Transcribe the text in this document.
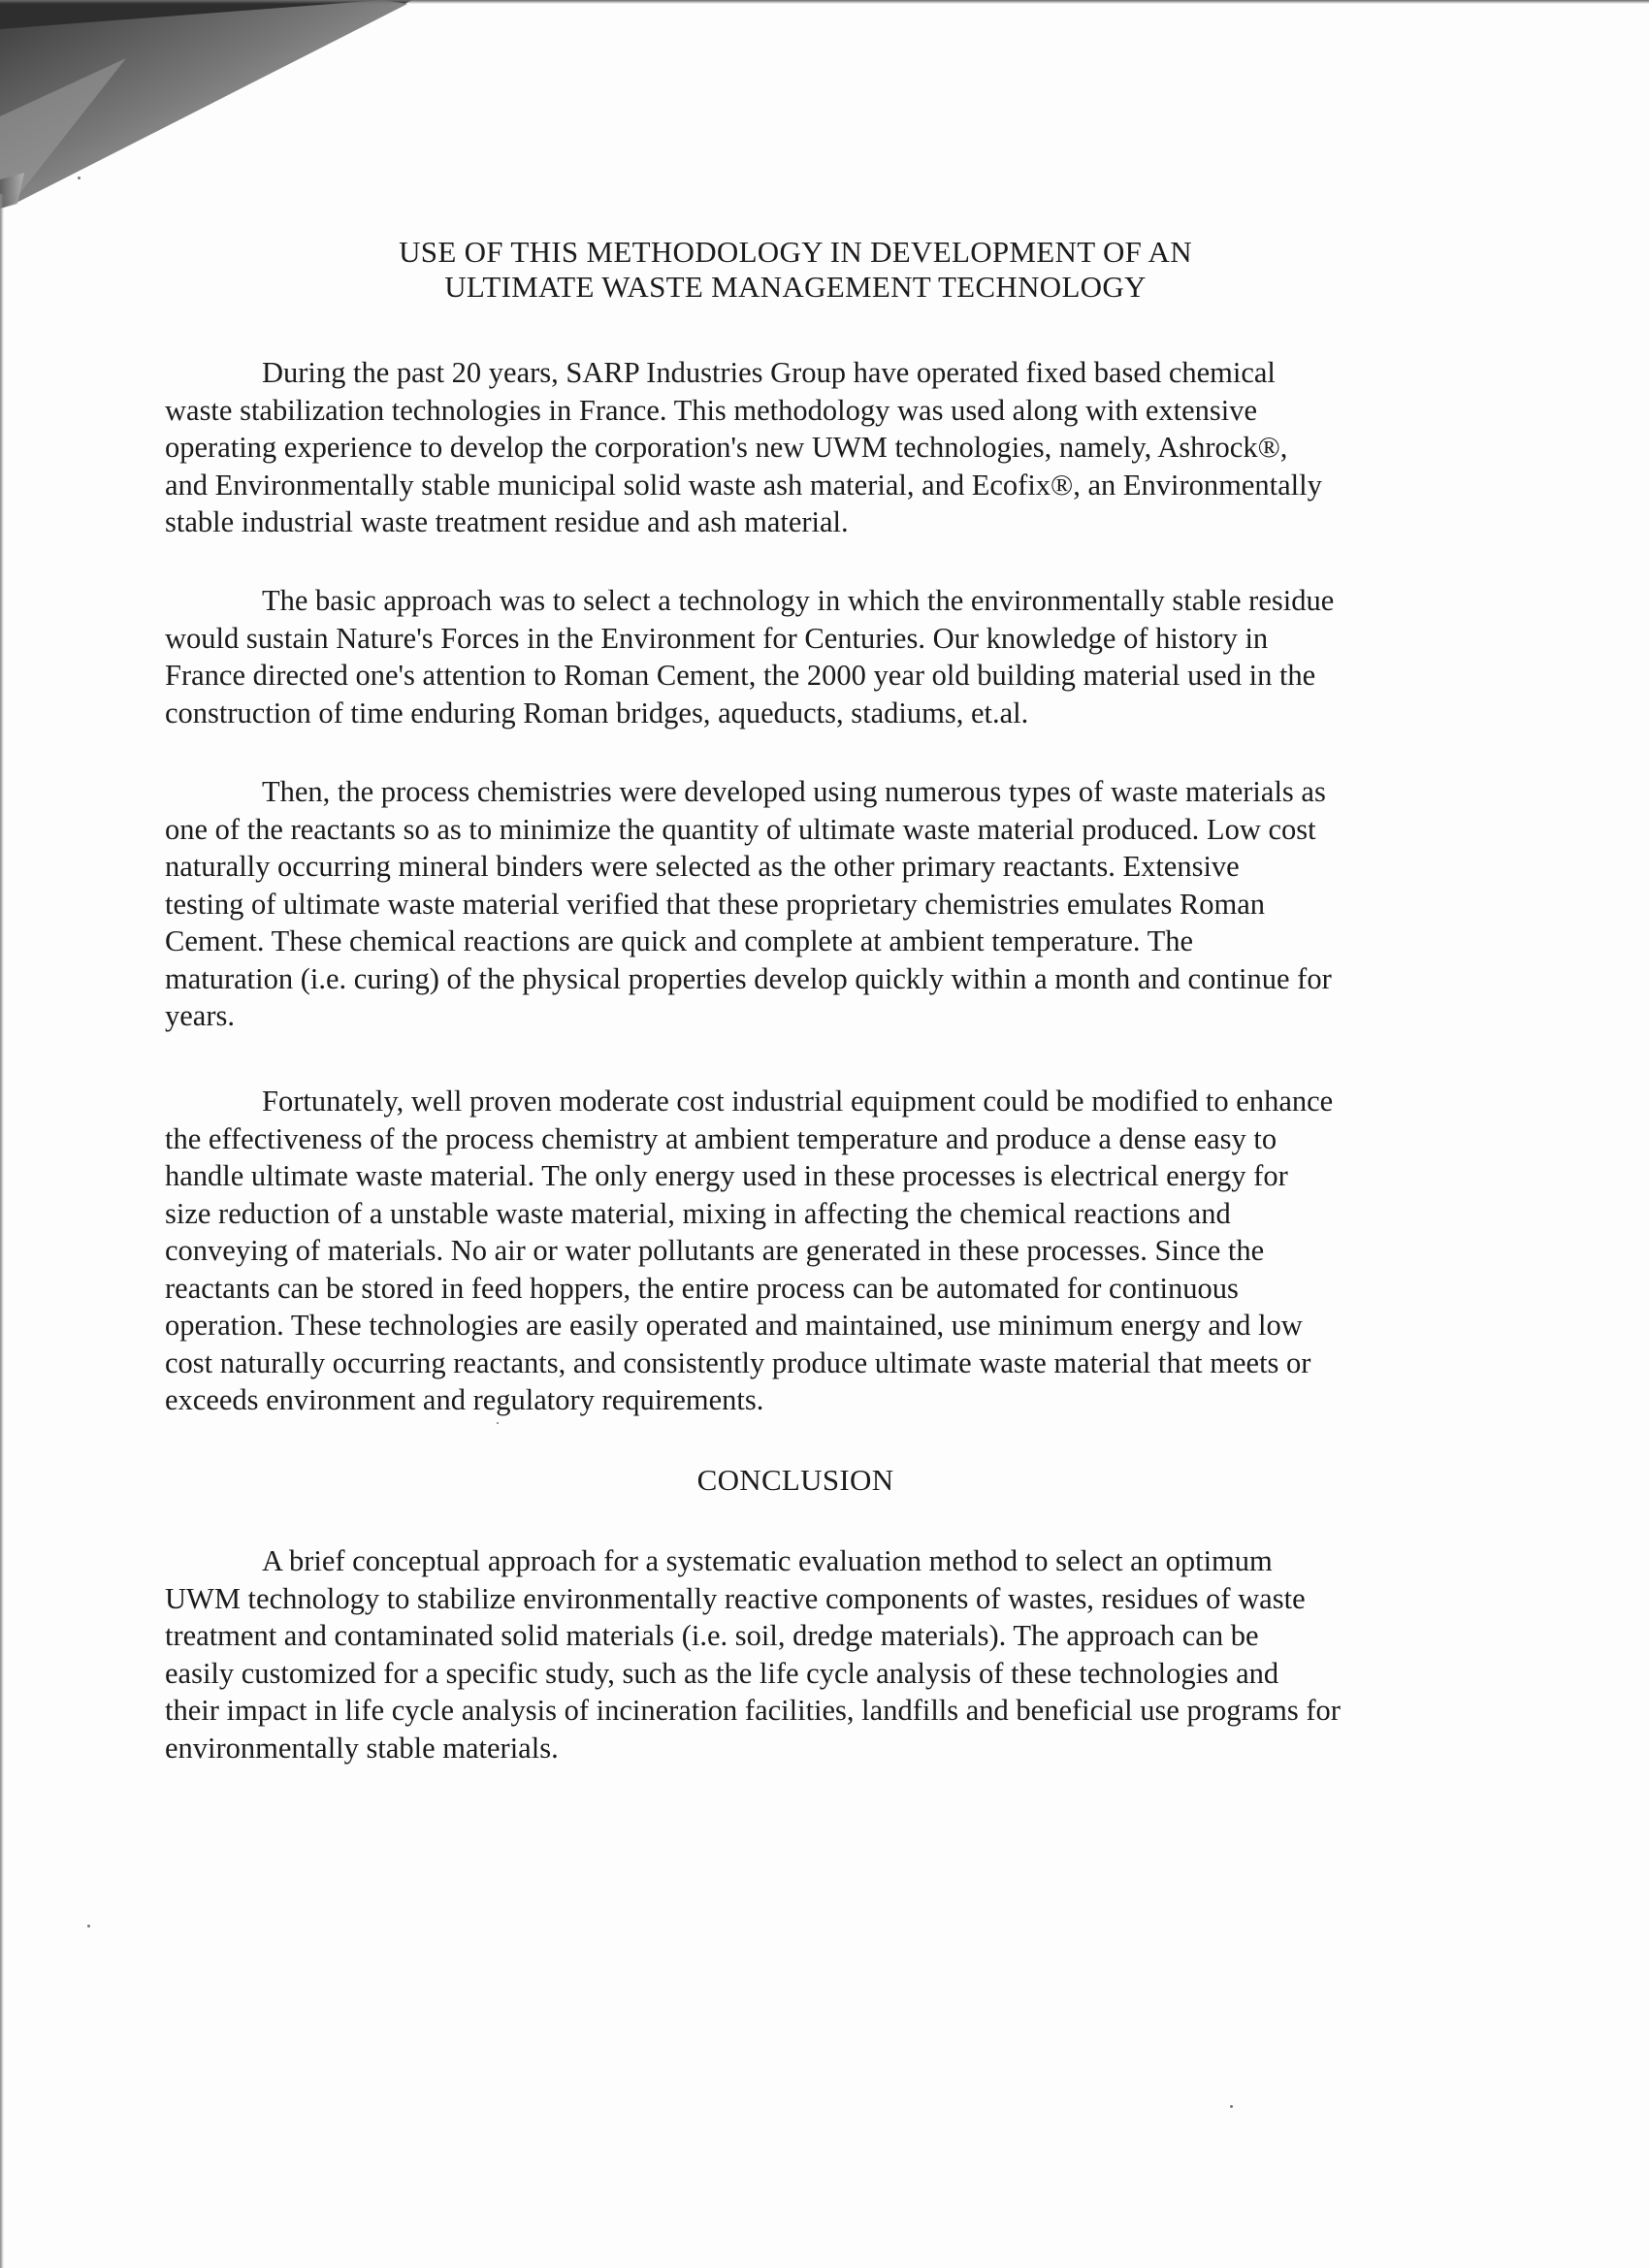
USE OF THIS METHODOLOGY IN DEVELOPMENT OF AN
ULTIMATE WASTE MANAGEMENT TECHNOLOGY
During the past 20 years, SARP Industries Group have operated fixed based chemical
waste stabilization technologies in France. This methodology was used along with extensive
operating experience to develop the corporation's new UWM technologies, namely, Ashrock®,
and Environmentally stable municipal solid waste ash material, and Ecofix®, an Environmentally
stable industrial waste treatment residue and ash material.
The basic approach was to select a technology in which the environmentally stable residue
would sustain Nature's Forces in the Environment for Centuries. Our knowledge of history in
France directed one's attention to Roman Cement, the 2000 year old building material used in the
construction of time enduring Roman bridges, aqueducts, stadiums, et.al.
Then, the process chemistries were developed using numerous types of waste materials as
one of the reactants so as to minimize the quantity of ultimate waste material produced. Low cost
naturally occurring mineral binders were selected as the other primary reactants. Extensive
testing of ultimate waste material verified that these proprietary chemistries emulates Roman
Cement. These chemical reactions are quick and complete at ambient temperature. The
maturation (i.e. curing) of the physical properties develop quickly within a month and continue for
years.
Fortunately, well proven moderate cost industrial equipment could be modified to enhance
the effectiveness of the process chemistry at ambient temperature and produce a dense easy to
handle ultimate waste material. The only energy used in these processes is electrical energy for
size reduction of a unstable waste material, mixing in affecting the chemical reactions and
conveying of materials. No air or water pollutants are generated in these processes. Since the
reactants can be stored in feed hoppers, the entire process can be automated for continuous
operation. These technologies are easily operated and maintained, use minimum energy and low
cost naturally occurring reactants, and consistently produce ultimate waste material that meets or
exceeds environment and regulatory requirements.
CONCLUSION
A brief conceptual approach for a systematic evaluation method to select an optimum
UWM technology to stabilize environmentally reactive components of wastes, residues of waste
treatment and contaminated solid materials (i.e. soil, dredge materials). The approach can be
easily customized for a specific study, such as the life cycle analysis of these technologies and
their impact in life cycle analysis of incineration facilities, landfills and beneficial use programs for
environmentally stable materials.
